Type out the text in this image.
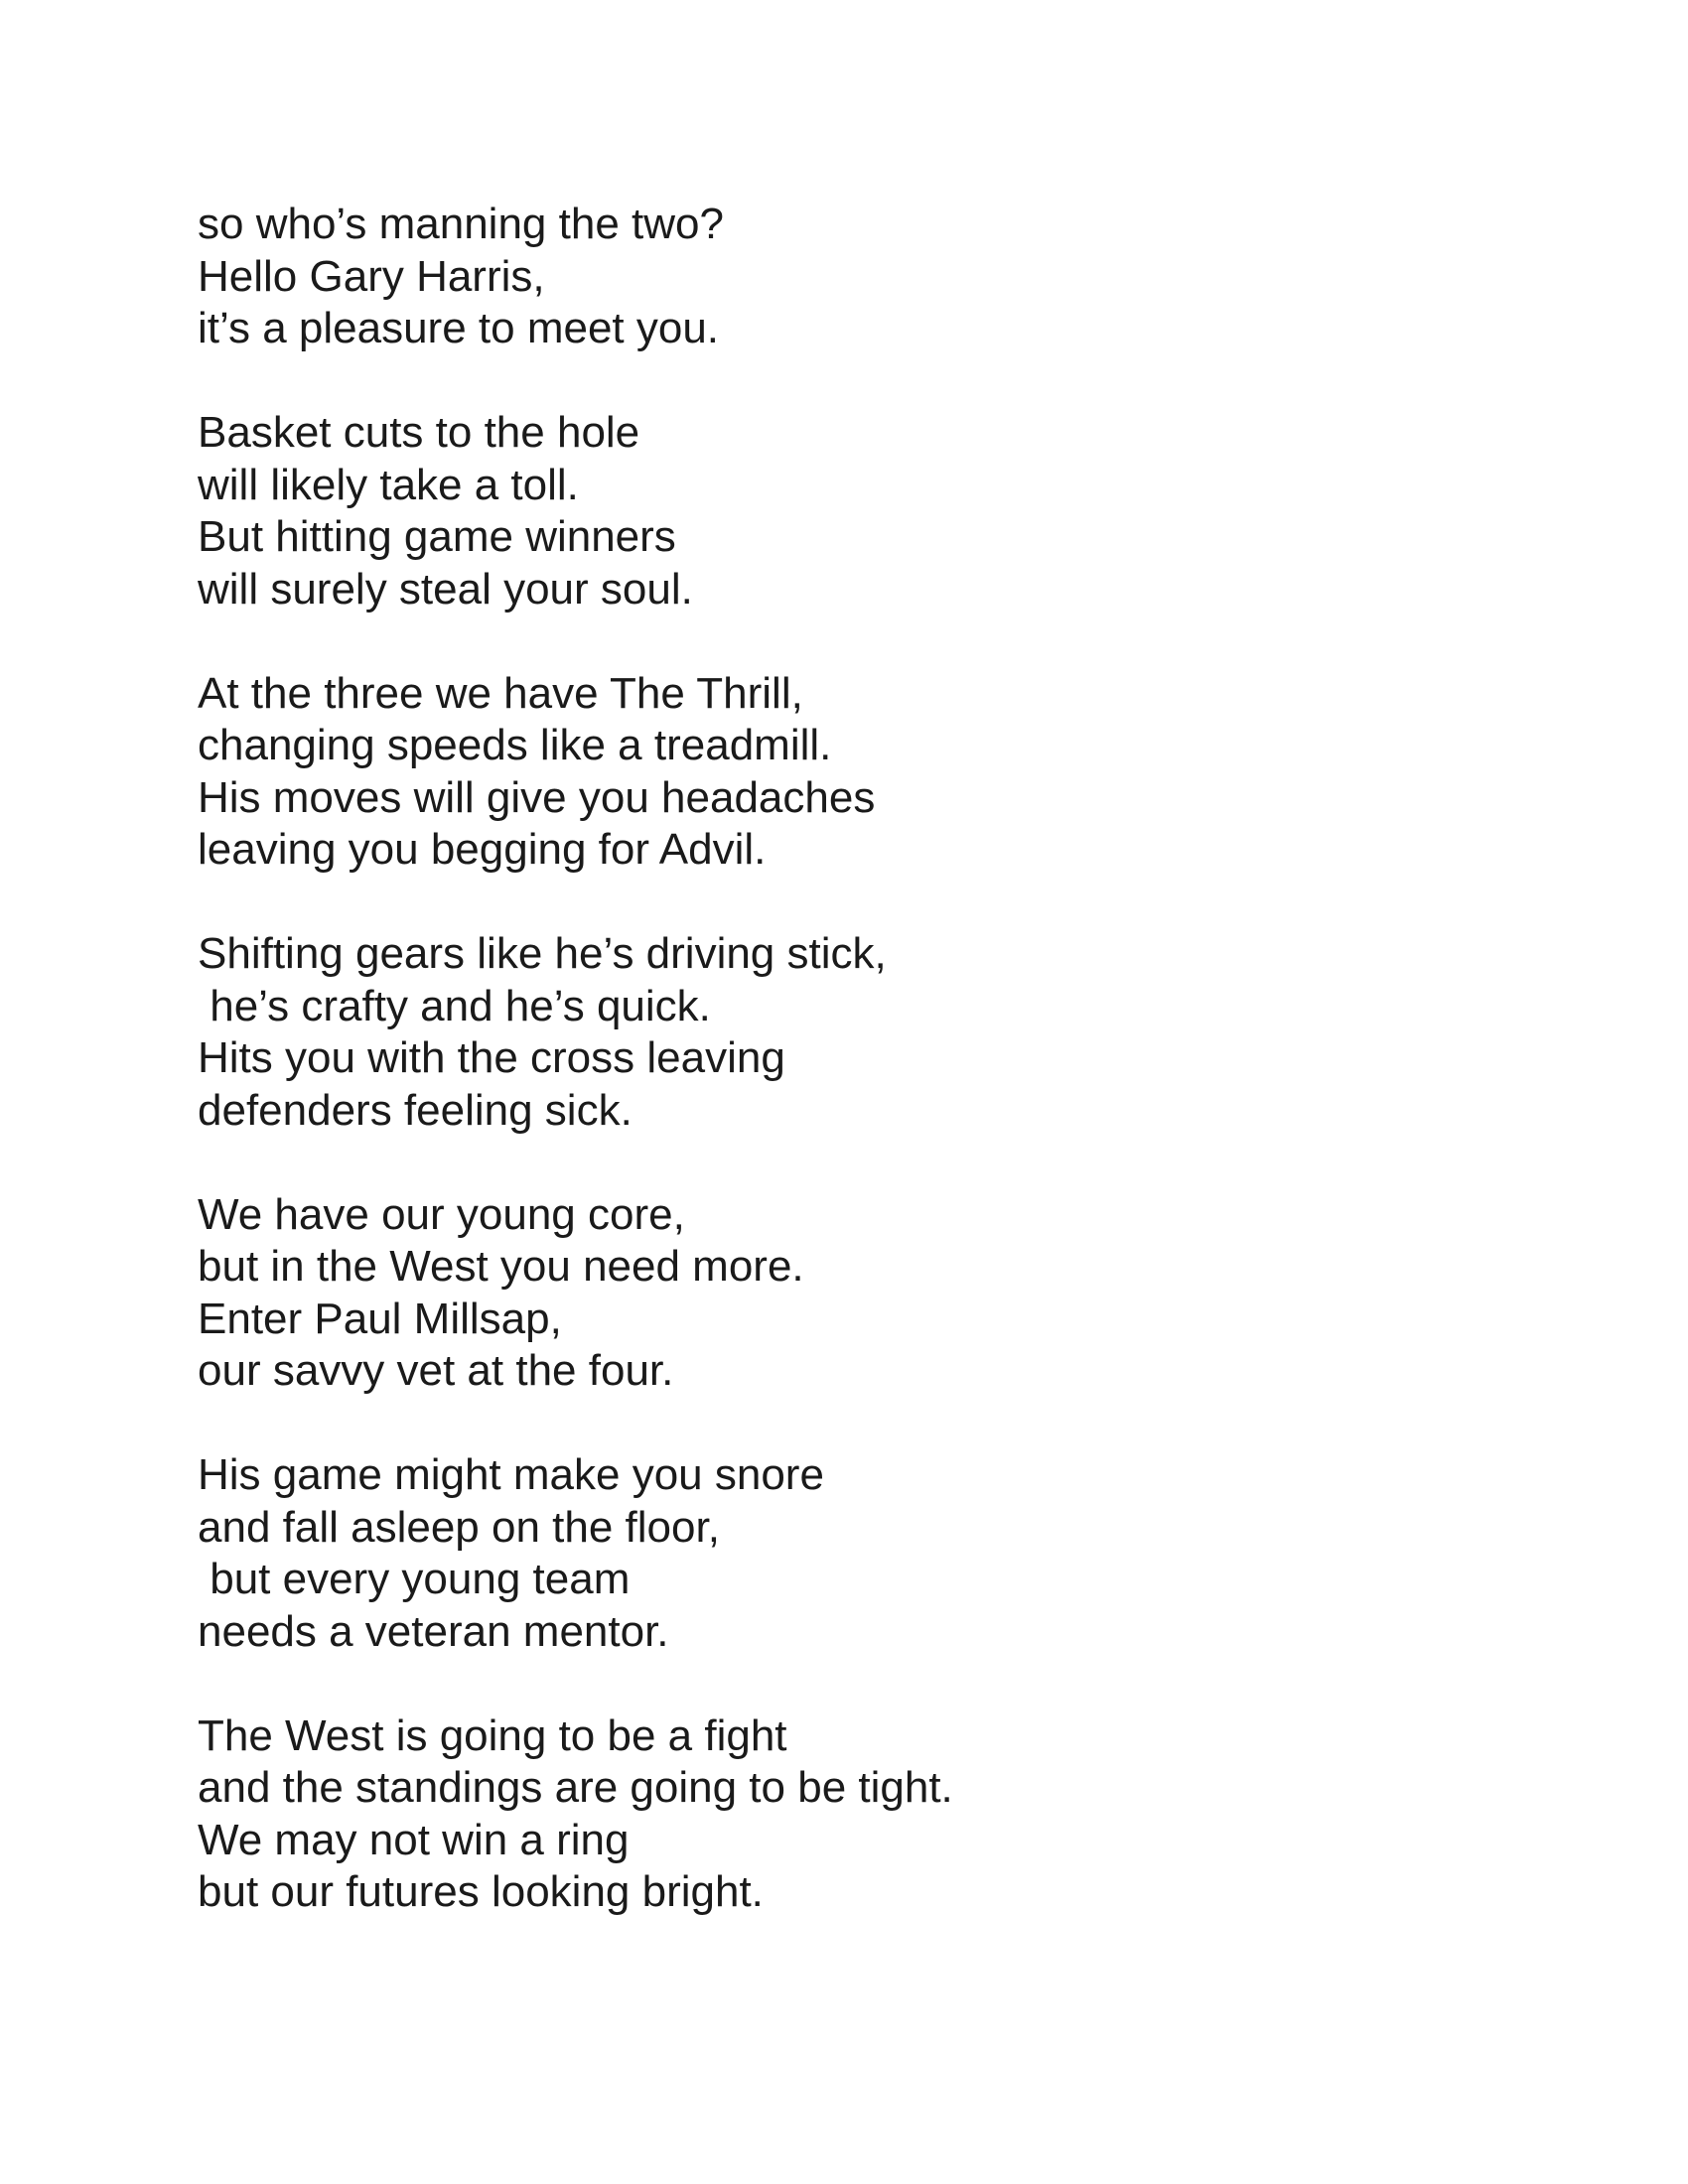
so who’s manning the two?
Hello Gary Harris,
it’s a pleasure to meet you.
Basket cuts to the hole
will likely take a toll.
But hitting game winners
will surely steal your soul.
At the three we have The Thrill,
changing speeds like a treadmill.
His moves will give you headaches
leaving you begging for Advil.
Shifting gears like he’s driving stick,
he’s crafty and he’s quick.
Hits you with the cross leaving
defenders feeling sick.
We have our young core,
but in the West you need more.
Enter Paul Millsap,
our savvy vet at the four.
His game might make you snore
and fall asleep on the floor,
but every young team
needs a veteran mentor.
The West is going to be a fight
and the standings are going to be tight.
We may not win a ring
but our futures looking bright.
